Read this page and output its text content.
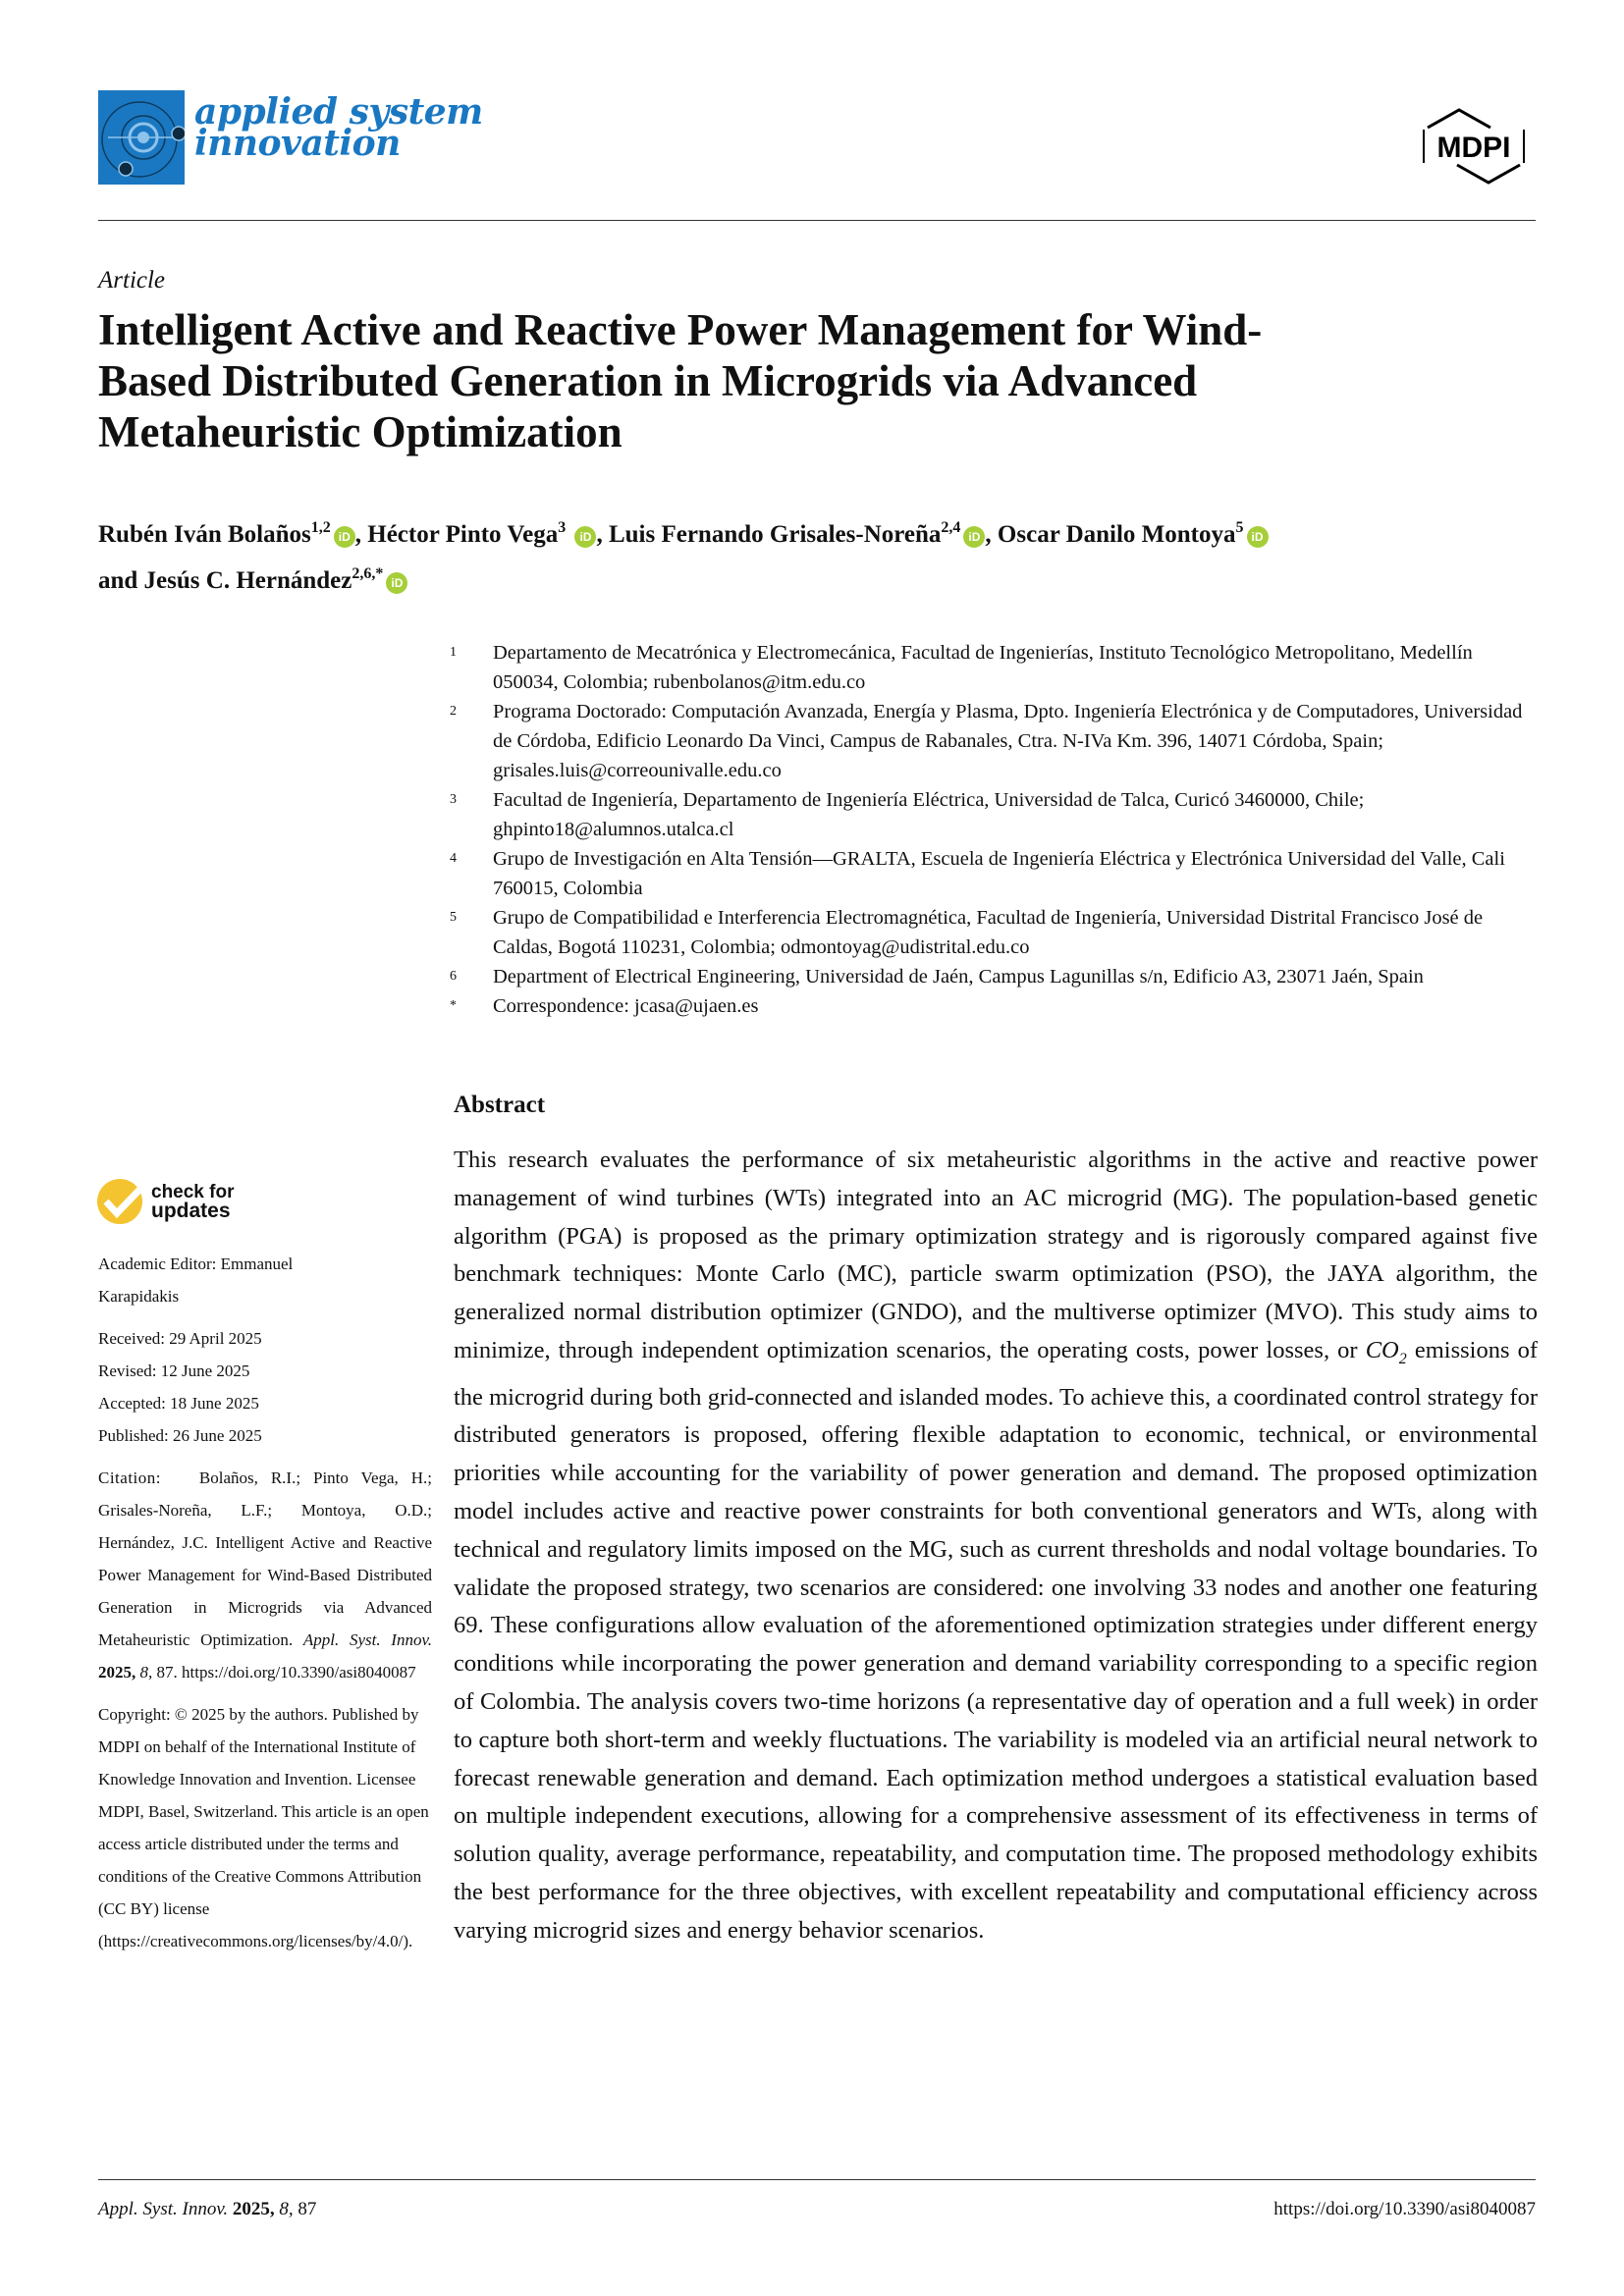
applied system
innovation	MDPI
Article
Intelligent Active and Reactive Power Management for Wind-Based Distributed Generation in Microgrids via Advanced Metaheuristic Optimization
Rubén Iván Bolaños$^{1,2}$iD , Héctor Pinto Vega$^3$ iD , Luis Fernando Grisales-Noreña$^{2,4}$iD , Oscar Danilo Montoya$^5$iD
and Jesús C. Hernández$^{2,6,*}$iD
1	Departamento de Mecatrónica y Electromecánica, Facultad de Ingenierías, Instituto Tecnológico Metropolitano, Medellín 050034, Colombia; rubenbolanos@itm.edu.co
2	Programa Doctorado: Computación Avanzada, Energía y Plasma, Dpto. Ingeniería Electrónica y de Computadores, Universidad de Córdoba, Edificio Leonardo Da Vinci, Campus de Rabanales, Ctra. N-IVa Km. 396, 14071 Córdoba, Spain; grisales.luis@correounivalle.edu.co
3	Facultad de Ingeniería, Departamento de Ingeniería Eléctrica, Universidad de Talca, Curicó 3460000, Chile; ghpinto18@alumnos.utalca.cl
4	Grupo de Investigación en Alta Tensión—GRALTA, Escuela de Ingeniería Eléctrica y Electrónica Universidad del Valle, Cali 760015, Colombia
5	Grupo de Compatibilidad e Interferencia Electromagnética, Facultad de Ingeniería, Universidad Distrital Francisco José de Caldas, Bogotá 110231, Colombia; odmontoyag@udistrital.edu.co
6	Department of Electrical Engineering, Universidad de Jaén, Campus Lagunillas s/n, Edificio A3, 23071 Jaén, Spain
*	Correspondence: jcasa@ujaen.es
Abstract
This research evaluates the performance of six metaheuristic algorithms in the active and reactive power management of wind turbines (WTs) integrated into an AC microgrid (MG). The population-based genetic algorithm (PGA) is proposed as the primary optimization strategy and is rigorously compared against five benchmark techniques: Monte Carlo (MC), particle swarm optimization (PSO), the JAYA algorithm, the generalized normal distribution optimizer (GNDO), and the multiverse optimizer (MVO). This study aims to minimize, through independent optimization scenarios, the operating costs, power losses, or $CO_2$ emissions of the microgrid during both grid-connected and islanded modes. To achieve this, a coordinated control strategy for distributed generators is proposed, offering flexible adaptation to economic, technical, or environmental priorities while accounting for the variability of power generation and demand. The proposed optimization model includes active and reactive power constraints for both conventional generators and WTs, along with technical and regulatory limits imposed on the MG, such as current thresholds and nodal voltage boundaries. To validate the proposed strategy, two scenarios are considered: one involving 33 nodes and another one featuring 69. These configurations allow evaluation of the aforementioned optimization strategies under different energy conditions while incorporating the power generation and demand variability corresponding to a specific region of Colombia. The analysis covers two-time horizons (a representative day of operation and a full week) in order to capture both short-term and weekly fluctuations. The variability is modeled via an artificial neural network to forecast renewable generation and demand. Each optimization method undergoes a statistical evaluation based on multiple independent executions, allowing for a comprehensive assessment of its effectiveness in terms of solution quality, average performance, repeatability, and computation time. The proposed methodology exhibits the best performance for the three objectives, with excellent repeatability and computational efficiency across varying microgrid sizes and energy behavior scenarios.
check for
updates
Academic Editor: Emmanuel
Karapidakis
Received: 29 April 2025
Revised: 12 June 2025
Accepted: 18 June 2025
Published: 26 June 2025
Citation: Bolaños, R.I.; Pinto Vega, H.; Grisales-Noreña, L.F.; Montoya, O.D.; Hernández, J.C. Intelligent Active and Reactive Power Management for Wind-Based Distributed Generation in Microgrids via Advanced Metaheuristic Optimization. Appl. Syst. Innov. 2025, 8, 87. https://doi.org/10.3390/asi8040087
Copyright: © 2025 by the authors. Published by MDPI on behalf of the International Institute of Knowledge Innovation and Invention. Licensee MDPI, Basel, Switzerland. This article is an open access article distributed under the terms and conditions of the Creative Commons Attribution (CC BY) license (https://creativecommons.org/licenses/by/4.0/).
Appl. Syst. Innov. 2025, 8, 87	https://doi.org/10.3390/asi8040087
